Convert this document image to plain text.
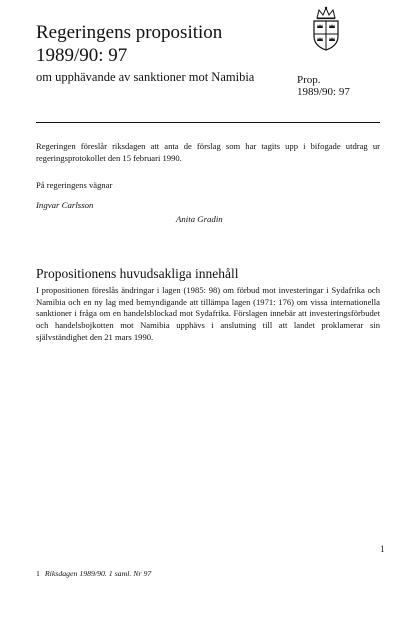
Regeringens proposition
1989/90: 97
om upphävande av sanktioner mot Namibia	Prop.
1989/90: 97
Regeringen föreslår riksdagen att anta de förslag som har tagits upp i bifogade utdrag ur regeringsprotokollet den 15 februari 1990.
På regeringens vägnar
Ingvar Carlsson
Anita Gradin
Propositionens huvudsakliga innehåll
I propositionen föreslås ändringar i lagen (1985: 98) om förbud mot investeringar i Sydafrika och Namibia och en ny lag med bemyndigande att tillämpa lagen (1971: 176) om vissa internationella sanktioner i fråga om en handelsblockad mot Sydafrika. Förslagen innebär att investeringsförbudet och handelsbojkotten mot Namibia upphävs i anslutning till att landet proklamerar sin självständighet den 21 mars 1990.
1
1 Riksdagen 1989/90. 1 saml. Nr 97
